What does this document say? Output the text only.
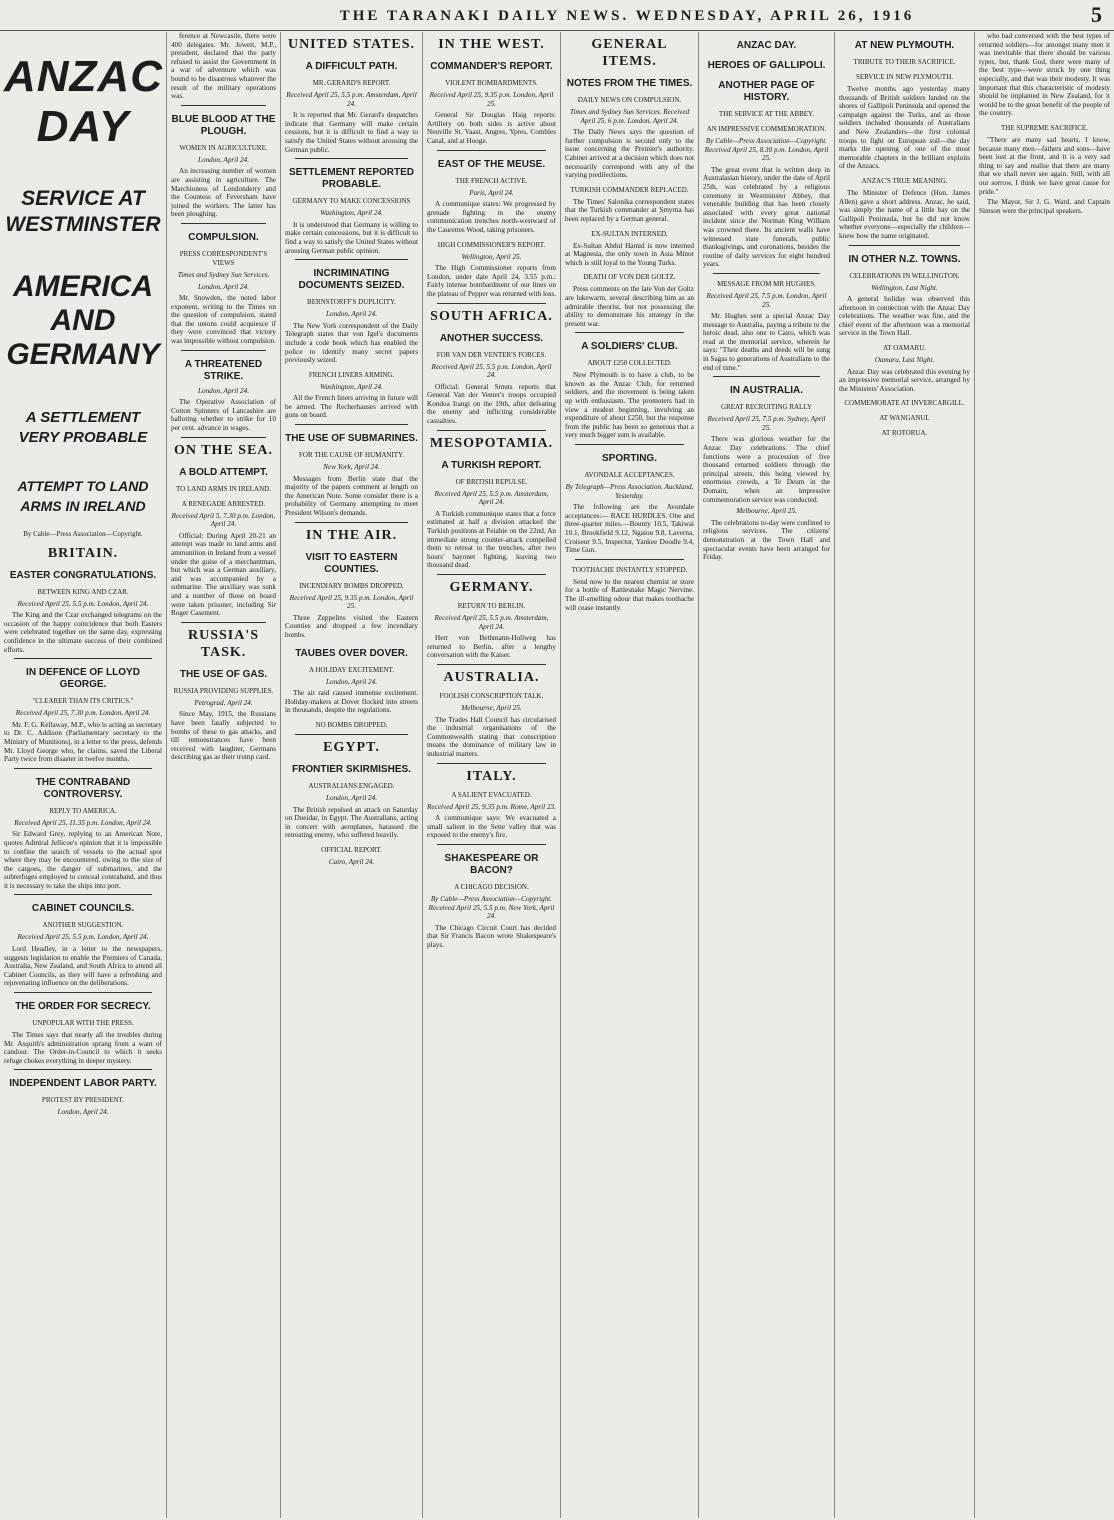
THE TARANAKI DAILY NEWS. WEDNESDAY, APRIL 26, 1916	5
ANZAC DAY
SERVICE AT WESTMINSTER
AMERICA AND GERMANY
A SETTLEMENT VERY PROBABLE
ATTEMPT TO LAND ARMS IN IRELAND
By Cable—Press Association—Copyright.
BRITAIN.
EASTER CONGRATULATIONS.
BETWEEN KING AND CZAR.

Received April 25, 5.5 p.m. London, April 24.

The King and the Czar exchanged telegrams on the occasion of the happy coincidence that both Easters were celebrated together on the same day, expressing confidence in the ultimate success of their combined efforts.

IN DEFENCE OF LLOYD GEORGE.
"CLEARER THAN ITS CRITICS."

Received April 25, 7.30 p.m. London, April 24.

Mr. F. G. Kellaway, M.P., who is acting as secretary to Dr. C. Addison (Parliamentary secretary to the Ministry of Munitions), in a letter to the press, defends Mr. Lloyd George who, he claims, saved the Liberal Party twice from disaster in twelve months.

THE CONTRABAND CONTROVERSY.
REPLY TO AMERICA.

Received April 25, 11.35 p.m. London, April 24.

Sir Edward Grey, replying to an American Note, quotes Admiral Jellicoe's opinion that it is impossible to confine the search of vessels to the actual spot where they may be encountered, owing to the size of the cargoes, the danger of submarines, and the subterfuges employed to conceal contraband, and thus it is necessary to take the ships into port.

CABINET COUNCILS.
ANOTHER SUGGESTION.

Received April 25, 5.5 p.m. London, April 24.

Lord Headley, in a letter to the newspapers, suggests legislation to enable the Premiers of Canada, Australia, New Zealand, and South Africa to attend all Cabinet Councils, as they will have a refreshing and rejuvenating influence on the deliberations.

THE ORDER FOR SECRECY.
UNPOPULAR WITH THE PRESS.

The Times says that nearly all the troubles during Mr. Asquith's administration sprang from a want of candour. The Order-in-Council to which it seeks refuge chokes everything in deeper mystery.

INDEPENDENT LABOR PARTY.
PROTEST BY PRESIDENT.

London, April 24.

ference at Newcastle, there were 400 delegates. Mr. Jowett, M.P., president, declared that the party refused to assist the Government in a war of adventure which was bound to be disastrous whatever the result of the military operations was.

BLUE BLOOD AT THE PLOUGH.
WOMEN IN AGRICULTURE.

London, April 24.

An increasing number of women are assisting in agriculture. The Marchioness of Londonderry and the Countess of Feversham have joined the workers. The latter has been ploughing.

COMPULSION.
PRESS CORRESPONDENT'S VIEWS

Times and Sydney Sun Services.

London, April 24.

Mr. Snowden, the noted labor exponent, writing to the Times on the question of compulsion, stated that the unions could acquiesce if they were convinced that victory was impossible without compulsion.

A THREATENED STRIKE.

London, April 24.

The Operative Association of Cotton Spinners of Lancashire are balloting whether to strike for 10 per cent. advance in wages.

ON THE SEA.
A BOLD ATTEMPT.
TO LAND ARMS IN IRELAND.
A RENEGADE ARRESTED.

Received April 5, 7.30 p.m. London, April 24.

Official: During April 20-21 an attempt was made to land arms and ammunition in Ireland from a vessel under the guise of a merchantman, but which was a German auxiliary, and was accompanied by a submarine. The auxiliary was sunk and a number of those on board were taken prisoner, including Sir Roger Casement.

RUSSIA'S TASK.
THE USE OF GAS.
RUSSIA PROVIDING SUPPLIES.

Petrograd, April 24.

Since May, 1915, the Russians have been fatally subjected to bombs of these to gas attacks, and till remonstrances have been received with laughter, Germans describing gas as their trump card.

UNITED STATES.
A DIFFICULT PATH.
MR. GERARD'S REPORT.

Received April 25, 5.5 p.m. Amsterdam, April 24.

It is reported that Mr. Gerard's despatches indicate that Germany will make certain cessions, but it is difficult to find a way to satisfy the United States without arousing the German public.

SETTLEMENT REPORTED PROBABLE.
GERMANY TO MAKE CONCESSIONS

Washington, April 24.

It is understood that Germany is willing to make certain concessions, but it is difficult to find a way to satisfy the United States without arousing German public opinion.

INCRIMINATING DOCUMENTS SEIZED.
BERNSTORFF'S DUPLICITY.

London, April 24.

The New York correspondent of the Daily Telegraph states that von Igel's documents include a code book which has enabled the police to identify many secret papers previously seized.

FRENCH LINERS ARMING.

Washington, April 24.

All the French liners arriving in future will be armed. The Recherhauses arrived with guns on board.

THE USE OF SUBMARINES.
FOR THE CAUSE OF HUMANITY.

New York, April 24.

Messages from Berlin state that the majority of the papers comment at length on the American Note. Some consider there is a probability of Germany attempting to meet President Wilson's demands.

IN THE AIR.
VISIT TO EASTERN COUNTIES.
INCENDIARY BOMBS DROPPED.

Received April 25, 9.35 p.m. London, April 25.

Three Zeppelins visited the Eastern Counties and dropped a few incendiary bombs.

TAUBES OVER DOVER.
A HOLIDAY EXCITEMENT.

London, April 24.

The air raid caused immense excitement. Holiday-makers at Dover flocked into streets in thousands, despite the regulations.

NO BOMBS DROPPED.
EGYPT.
FRONTIER SKIRMISHES.
AUSTRALIANS ENGAGED.

London, April 24.

The British repulsed an attack on Saturday on Dueidar, in Egypt. The Australians, acting in concert with aeroplanes, harassed the retreating enemy, who suffered heavily.

OFFICIAL REPORT.

Cairo, April 24.

IN THE WEST.
COMMANDER'S REPORT.
VIOLENT BOMBARDMENTS.

Received April 25, 9.35 p.m. London, April 25.

General Sir Douglas Haig reports: Artillery on both sides is active about Neuville St. Vaast, Angres, Ypres, Combles Canal, and at Hooge.

EAST OF THE MEUSE.
THE FRENCH ACTIVE.

Paris, April 24.

A communique states: We progressed by grenade fighting in the enemy communication trenches north-westward of the Caurettes Wood, taking prisoners.

HIGH COMMISSIONER'S REPORT.

Wellington, April 25.

The High Commissioner reports from London, under date April 24, 3.55 p.m.: Fairly intense bombardment of our lines on the plateau of Pepper was returned with loss.

SOUTH AFRICA.
ANOTHER SUCCESS.
FOR VAN DER VENTER'S FORCES.

Received April 25, 5.5 p.m. London, April 24.

Official: General Smuts reports that General Van der Venter's troops occupied Kondoa Irangi on the 19th, after defeating the enemy and inflicting considerable casualties.

MESOPOTAMIA.
A TURKISH REPORT.
OF BRITISH REPULSE.

Received April 25, 5.5 p.m. Amsterdam, April 24.

A Turkish communique states that a force estimated at half a division attacked the Turkish positions at Feiahie on the 22nd. An immediate strong counter-attack compelled them to retreat to the trenches, after two hours' bayonet fighting, leaving two thousand dead.

GERMANY.
RETURN TO BERLIN.

Received April 25, 5.5 p.m. Amsterdam, April 24.

Herr von Bethmann-Hollweg has returned to Berlin, after a lengthy conversation with the Kaiser.

AUSTRALIA.
FOOLISH CONSCRIPTION TALK.

Melbourne, April 25.

The Trades Hall Council has circularised the industrial organisations of the Commonwealth stating that conscription means the dominance of military law in industrial matters.

ITALY.
A SALIENT EVACUATED.

Received April 25, 9.35 p.m. Rome, April 23.

A communique says: We evacuated a small salient in the Sette valley that was exposed to the enemy's fire.

SHAKESPEARE OR BACON?
A CHICAGO DECISION.

By Cable—Press Association—Copyright. Received April 25, 5.5 p.m. New York, April 24.

The Chicago Circuit Court has decided that Sir Francis Bacon wrote Shakespeare's plays.

GENERAL ITEMS.
NOTES FROM THE TIMES.
DAILY NEWS ON COMPULSION.

Times and Sydney Sun Services. Received April 25, 6 p.m. London, April 24.

The Daily News says the question of further compulsion is second only to the issue concerning the Premier's authority. Cabinet arrived at a decision which does not necessarily correspond with any of the varying predilections.

TURKISH COMMANDER REPLACED.

The Times' Salonika correspondent states that the Turkish commander at Smyrna has been replaced by a German general.

EX-SULTAN INTERNED.

Ex-Sultan Abdul Hamid is now interned at Magnesia, the only town in Asia Minor which is still loyal to the Young Turks.

DEATH OF VON DER GOLTZ.

Press comments on the late Von der Goltz are lukewarm, several describing him as an admirable theorist, but not possessing the ability to demonstrate his strategy in the present war.

A SOLDIERS' CLUB.
ABOUT £250 COLLECTED.

New Plymouth is to have a club, to be known as the Anzac Club, for returned soldiers, and the movement is being taken up with enthusiasm. The promoters had in view a modest beginning, involving an expenditure of about £250, but the response from the public has been so generous that a very much bigger sum is available.

SPORTING.
AVONDALE ACCEPTANCES.

By Telegraph—Press Association. Auckland, Yesterday.

The following are the Avondale acceptances:— RACE HURDLES. One and three-quarter miles.—Bounty 10.5, Takiwai 10.1, Brookfield 9.12, Ngaiou 9.8, Laverna, Croiseur 9.5, Inspector, Yankee Doodle 9.4, Time Gun.

TOOTHACHE INSTANTLY STOPPED.

Send now to the nearest chemist or store for a bottle of Rattlesnake Magic Nervine. The ill-smelling odour that makes toothache will cease instantly.

ANZAC DAY.
HEROES OF GALLIPOLI.
ANOTHER PAGE OF HISTORY.
THE SERVICE AT THE ABBEY.
AN IMPRESSIVE COMMEMORATION.

By Cable—Press Association—Copyright. Received April 25, 8.30 p.m. London, April 25.

The great event that is written deep in Australasian history, under the date of April 25th, was celebrated by a religious ceremony in Westminster Abbey, that venerable building that has been closely associated with every great national incident since the Norman King William was crowned there. Its ancient walls have witnessed state funerals, public thanksgivings, and coronations, besides the routine of daily services for eight hundred years.

MESSAGE FROM MR HUGHES.

Received April 25, 7.5 p.m. London, April 25.

Mr. Hughes sent a special Anzac Day message to Australia, paying a tribute to the heroic dead, also one to Cairo, which was read at the memorial service, wherein he says: "Their deaths and deeds will be sung in Sagas to generations of Australians to the end of time."

IN AUSTRALIA.
GREAT RECRUITING RALLY

Received April 25, 7.5 p.m. Sydney, April 25.

There was glorious weather for the Anzac Day celebrations. The chief functions were a procession of five thousand returned soldiers through the principal streets, this being viewed by enormous crowds, a Te Deum in the Domain, when an impressive commemoration service was conducted.

Melbourne, April 25.

The celebrations to-day were confined to religious services. The citizens' demonstration at the Town Hall and spectacular events have been arranged for Friday.

AT NEW PLYMOUTH.
TRIBUTE TO THEIR SACRIFICE.
SERVICE IN NEW PLYMOUTH.

Twelve months ago yesterday many thousands of British soldiers landed on the shores of Gallipoli Peninsula and opened the campaign against the Turks, and as those soldiers included thousands of Australians and New Zealanders—the first colonial troops to fight on European soil—the day marks the opening of one of the most memorable chapters in the brilliant exploits of the Anzacs.

ANZAC'S TRUE MEANING.

The Minister of Defence (Hon. James Allen) gave a short address. Anzac, he said, was simply the name of a little bay on the Gallipoli Peninsula, but he did not know whether everyone—especially the children—knew how the name originated.

IN OTHER N.Z. TOWNS.
CELEBRATIONS IN WELLINGTON.

Wellington, Last Night.

A general holiday was observed this afternoon in connection with the Anzac Day celebrations. The weather was fine, and the chief event of the afternoon was a memorial service in the Town Hall.

AT OAMARU.

Oamaru, Last Night.

Anzac Day was celebrated this evening by an impressive memorial service, arranged by the Ministers' Association.

COMMEMORATE AT INVERCARGILL.
AT WANGANUI.
AT ROTORUA.

who had conversed with the best types of returned soldiers—for amongst many men it was inevitable that there should be various types, but, thank God, there were many of the best type—were struck by one thing especially, and that was their modesty. It was important that this characteristic of modesty should be implanted in New Zealand, for it would be to the great benefit of the people of the country.

THE SUPREME SACRIFICE.

"There are many sad hearts, I know, because many men—fathers and sons—have been lost at the front, and it is a very sad thing to say and realise that there are many that we shall never see again. Still, with all our sorrow, I think we have great cause for pride."

The Mayor, Sir J. G. Ward, and Captain Simson were the principal speakers.
